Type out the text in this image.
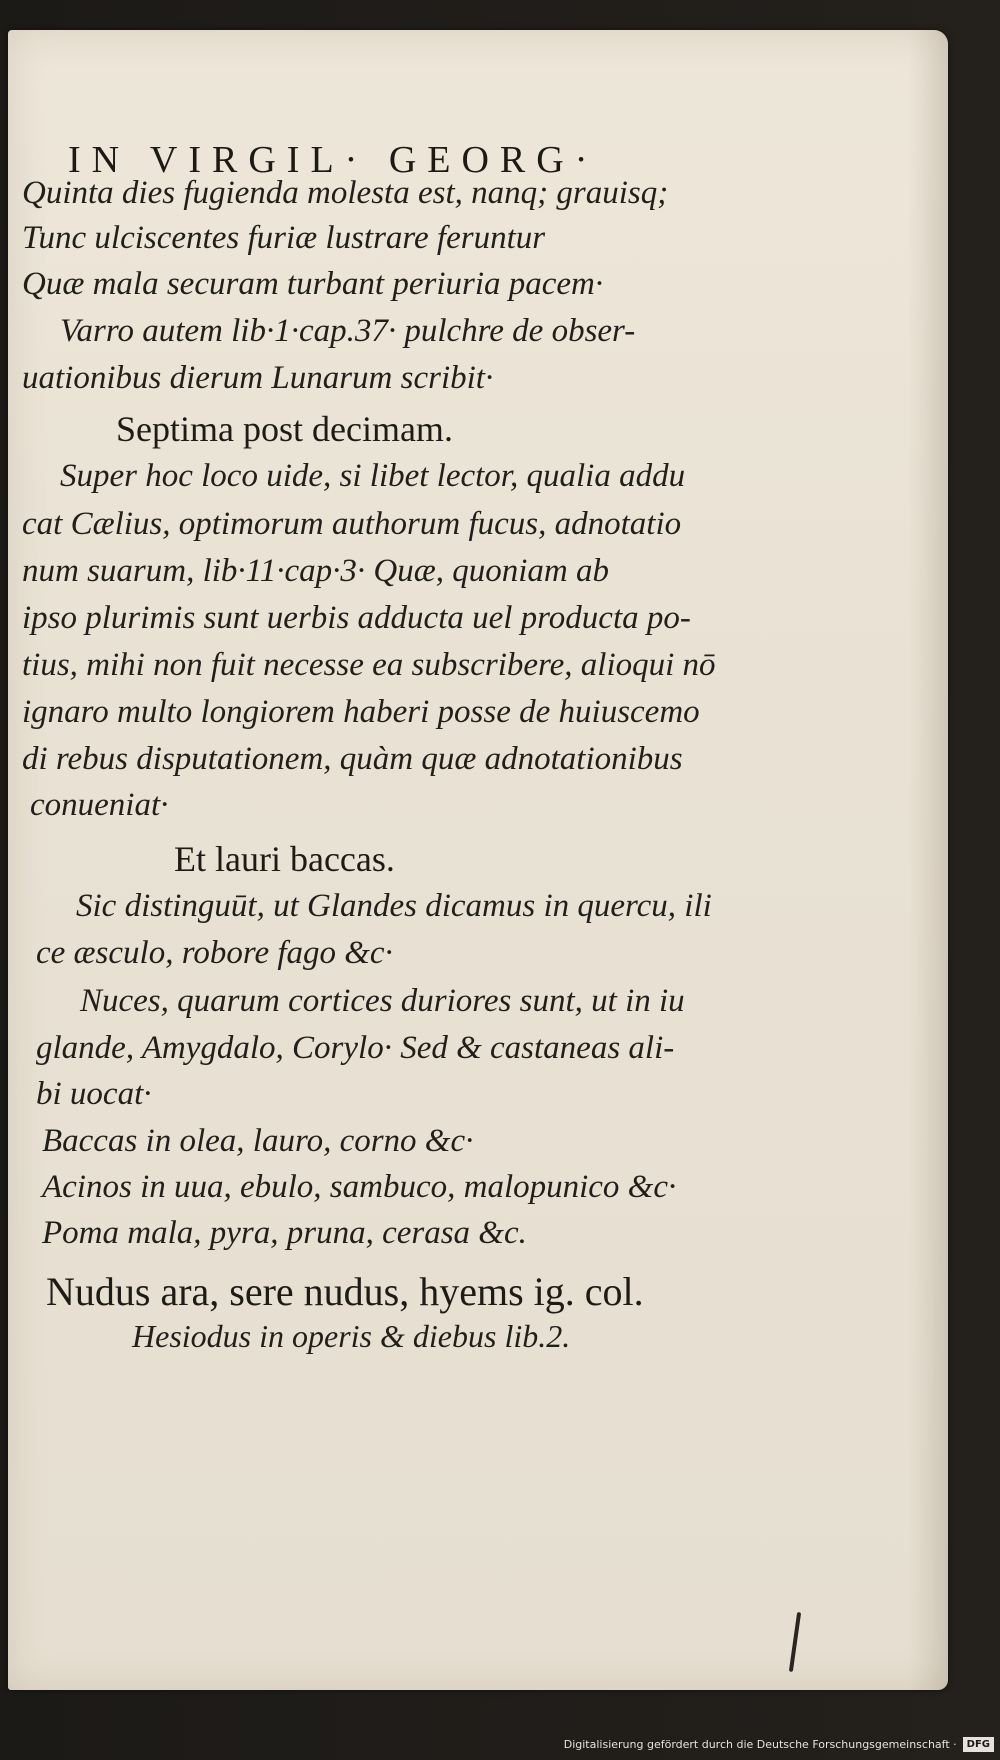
IN VIRGIL· GEORG·
Quinta dies fugienda molesta est, nanq; grauisq;
Tunc ulciscentes furiæ lustrare feruntur
Quæ mala securam turbant periuria pacem·
Varro autem lib·1·cap.37· pulchre de obser-
uationibus dierum Lunarum scribit·
Septima post decimam.
Super hoc loco uide, si libet lector, qualia addu
cat Cælius, optimorum authorum fucus, adnotatio
num suarum, lib·11·cap·3· Quæ, quoniam ab
ipso plurimis sunt uerbis adducta uel producta po-
tius, mihi non fuit necesse ea subscribere, alioqui nō
ignaro multo longiorem haberi posse de huiuscemo
di rebus disputationem, quàm quæ adnotationibus
conueniat·
Et lauri baccas.
Sic distinguūt, ut Glandes dicamus in quercu, ili
ce æsculo, robore fago &c·
Nuces, quarum cortices duriores sunt, ut in iu
glande, Amygdalo, Corylo· Sed & castaneas ali-
bi uocat·
Baccas in olea, lauro, corno &c·
Acinos in uua, ebulo, sambuco, malopunico &c·
Poma mala, pyra, pruna, cerasa &c.
Nudus ara, sere nudus, hyems ig. col.
Hesiodus in operis & diebus lib.2.
Digitalisierung gefördert durch die Deutsche Forschungsgemeinschaft ·	DFG
